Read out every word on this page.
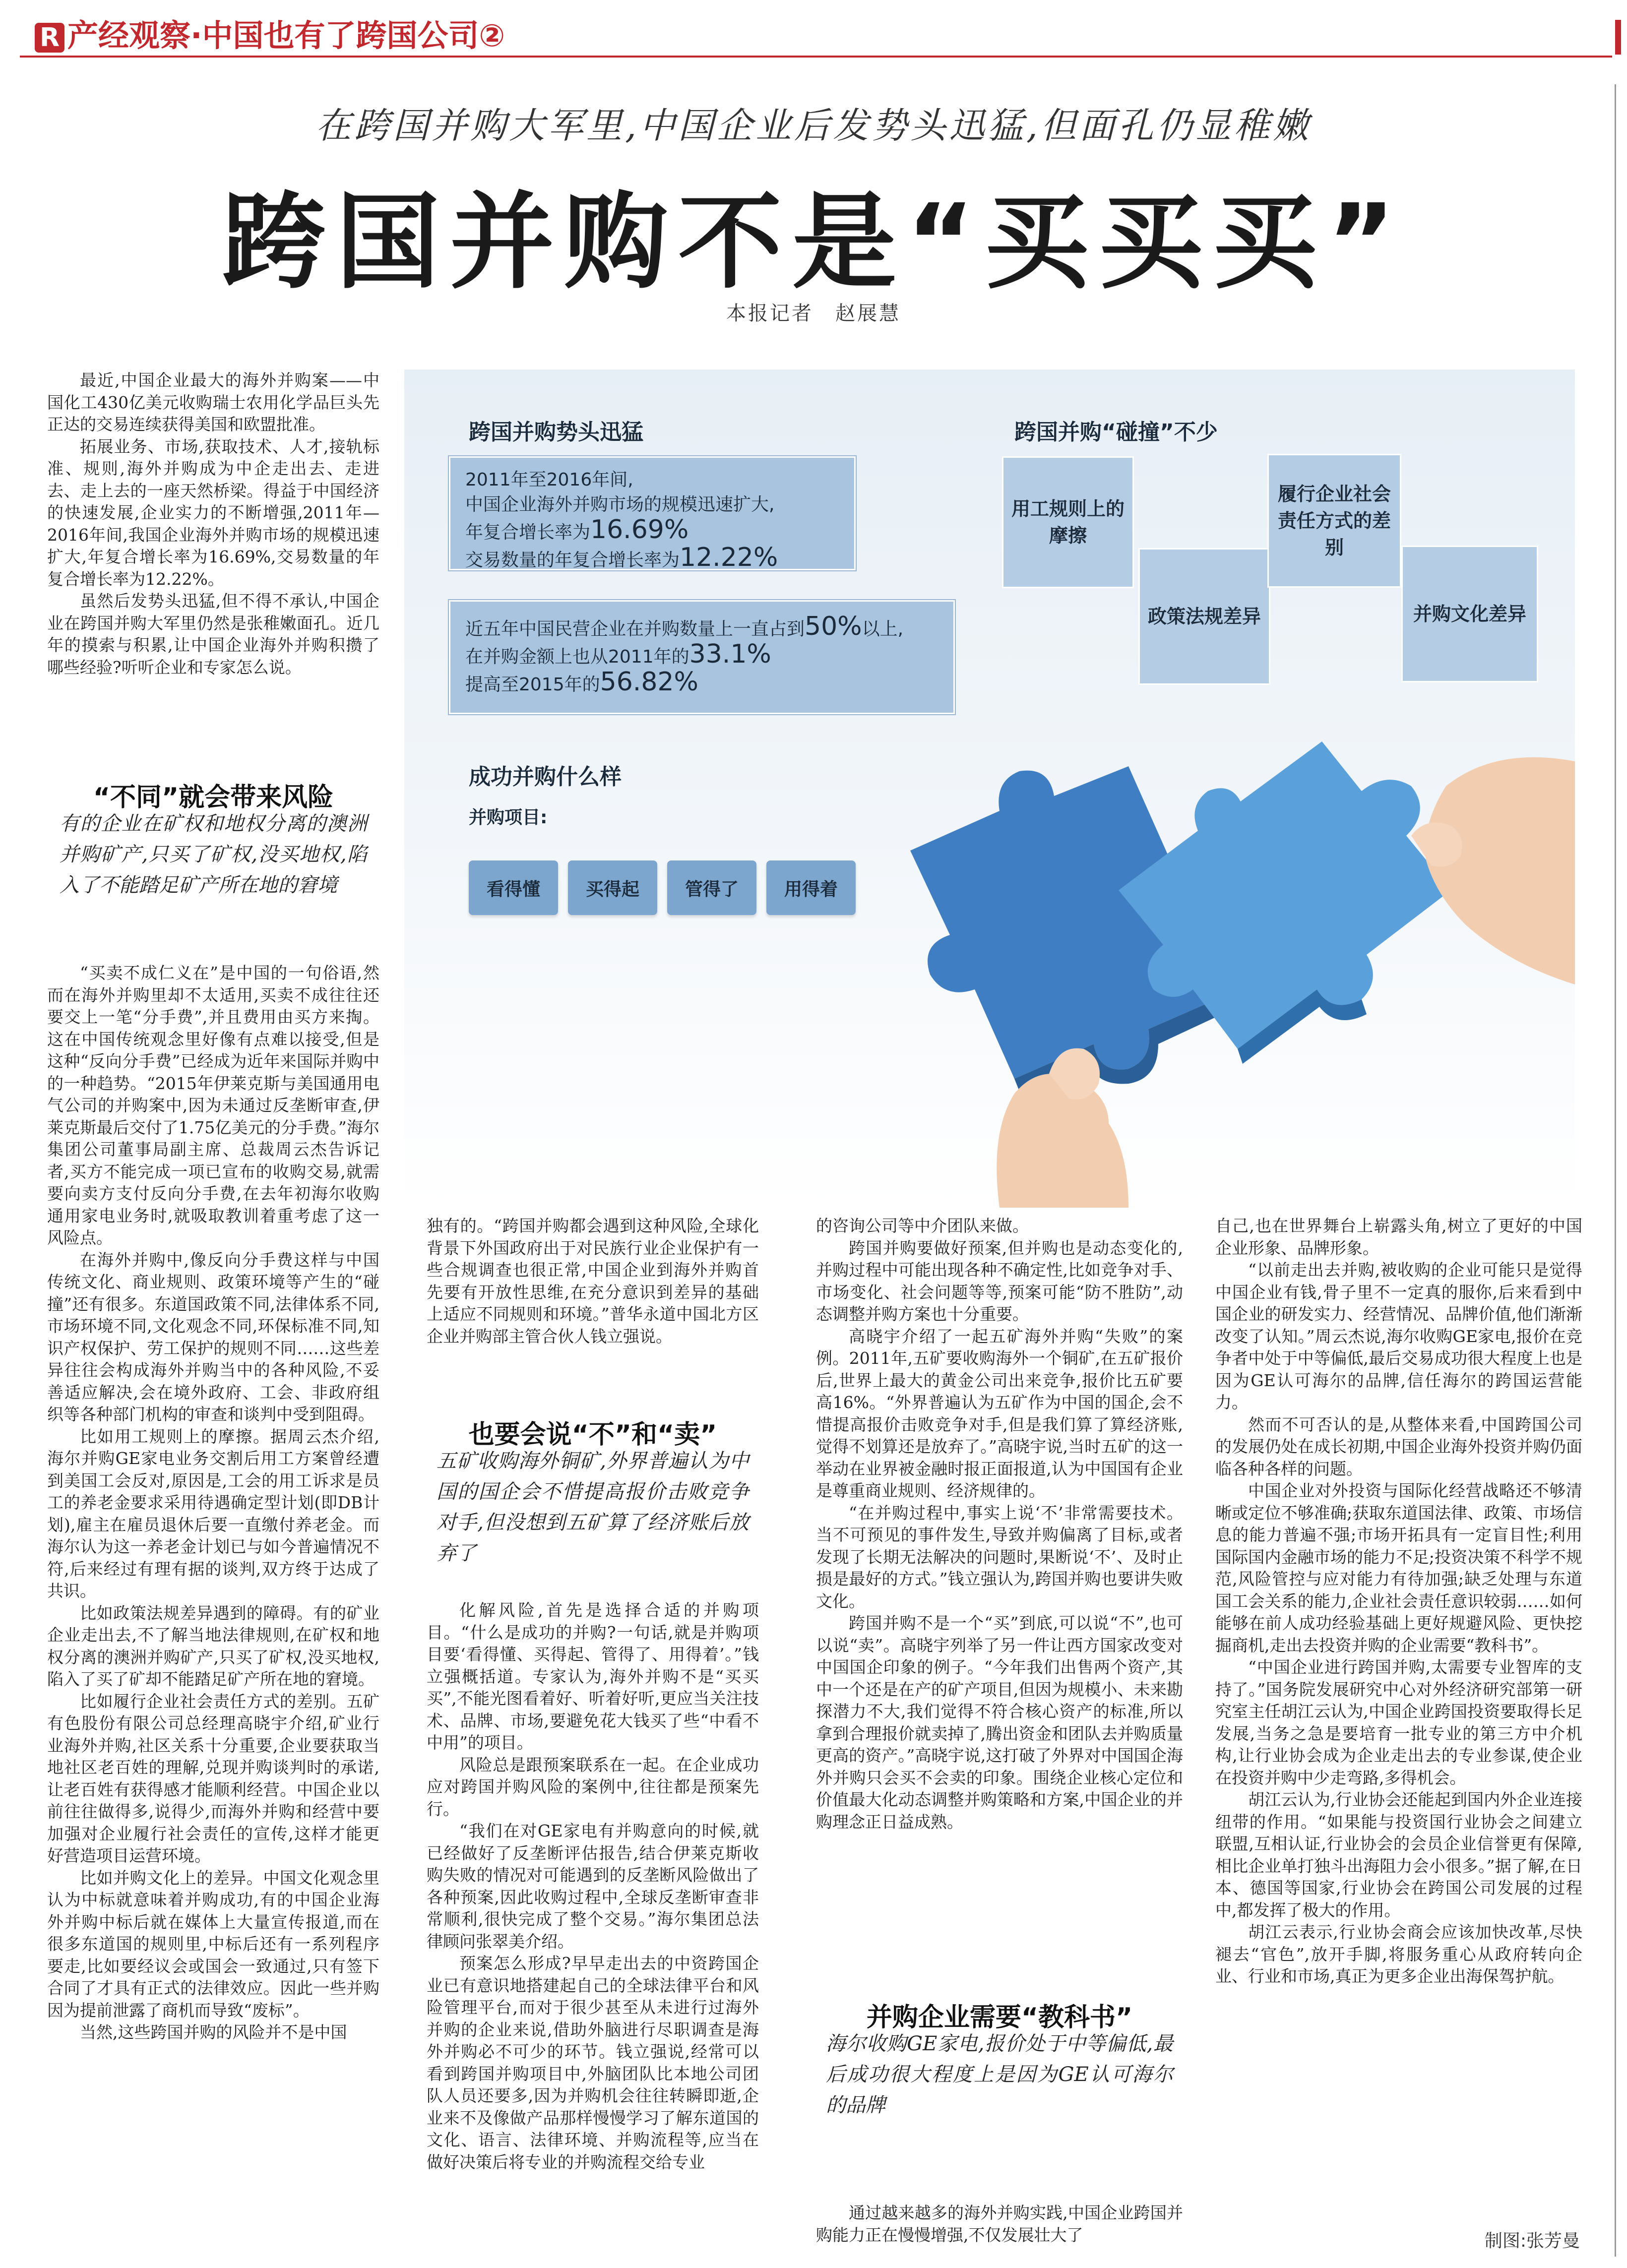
R 产经观察·中国也有了跨国公司②
在跨国并购大军里,中国企业后发势头迅猛,但面孔仍显稚嫩
跨国并购不是“买买买”
本报记者　赵展慧

最近,中国企业最大的海外并购案——中国化工430亿美元收购瑞士农用化学品巨头先正达的交易连续获得美国和欧盟批准。

拓展业务、市场,获取技术、人才,接轨标准、规则,海外并购成为中企走出去、走进去、走上去的一座天然桥梁。得益于中国经济的快速发展,企业实力的不断增强,2011年—2016年间,我国企业海外并购市场的规模迅速扩大,年复合增长率为16.69%,交易数量的年复合增长率为12.22%。

虽然后发势头迅猛,但不得不承认,中国企业在跨国并购大军里仍然是张稚嫩面孔。近几年的摸索与积累,让中国企业海外并购积攒了哪些经验?听听企业和专家怎么说。

“不同”就会带来风险
有的企业在矿权和地权分离的澳洲并购矿产,只买了矿权,没买地权,陷入了不能踏足矿产所在地的窘境

“买卖不成仁义在”是中国的一句俗语,然而在海外并购里却不太适用,买卖不成往往还要交上一笔“分手费”,并且费用由买方来掏。这在中国传统观念里好像有点难以接受,但是这种“反向分手费”已经成为近年来国际并购中的一种趋势。“2015年伊莱克斯与美国通用电气公司的并购案中,因为未通过反垄断审查,伊莱克斯最后交付了1.75亿美元的分手费。”海尔集团公司董事局副主席、总裁周云杰告诉记者,买方不能完成一项已宣布的收购交易,就需要向卖方支付反向分手费,在去年初海尔收购通用家电业务时,就吸取教训着重考虑了这一风险点。

在海外并购中,像反向分手费这样与中国传统文化、商业规则、政策环境等产生的“碰撞”还有很多。东道国政策不同,法律体系不同,市场环境不同,文化观念不同,环保标准不同,知识产权保护、劳工保护的规则不同……这些差异往往会构成海外并购当中的各种风险,不妥善适应解决,会在境外政府、工会、非政府组织等各种部门机构的审查和谈判中受到阻碍。

比如用工规则上的摩擦。据周云杰介绍,海尔并购GE家电业务交割后用工方案曾经遭到美国工会反对,原因是,工会的用工诉求是员工的养老金要求采用待遇确定型计划(即DB计划),雇主在雇员退休后要一直缴付养老金。而海尔认为这一养老金计划已与如今普遍情况不符,后来经过有理有据的谈判,双方终于达成了共识。

比如政策法规差异遇到的障碍。有的矿业企业走出去,不了解当地法律规则,在矿权和地权分离的澳洲并购矿产,只买了矿权,没买地权,陷入了买了矿却不能踏足矿产所在地的窘境。

比如履行企业社会责任方式的差别。五矿有色股份有限公司总经理高晓宇介绍,矿业行业海外并购,社区关系十分重要,企业要获取当地社区老百姓的理解,兑现并购谈判时的承诺,让老百姓有获得感才能顺利经营。中国企业以前往往做得多,说得少,而海外并购和经营中要加强对企业履行社会责任的宣传,这样才能更好营造项目运营环境。

比如并购文化上的差异。中国文化观念里认为中标就意味着并购成功,有的中国企业海外并购中标后就在媒体上大量宣传报道,而在很多东道国的规则里,中标后还有一系列程序要走,比如要经议会或国会一致通过,只有签下合同了才具有正式的法律效应。因此一些并购因为提前泄露了商机而导致“废标”。

当然,这些跨国并购的风险并不是中国

跨国并购势头迅猛
2011年至2016年间,
中国企业海外并购市场的规模迅速扩大,
年复合增长率为16.69%
交易数量的年复合增长率为12.22%
近五年中国民营企业在并购数量上一直占到50%以上,
在并购金额上也从2011年的33.1%
提高至2015年的56.82%
跨国并购“碰撞”不少
用工规则上的摩擦
政策法规差异
履行企业社会责任方式的差别
并购文化差异
成功并购什么样
并购项目:
看得懂	买得起	管得了	用得着

独有的。“跨国并购都会遇到这种风险,全球化背景下外国政府出于对民族行业企业保护有一些合规调查也很正常,中国企业到海外并购首先要有开放性思维,在充分意识到差异的基础上适应不同规则和环境。”普华永道中国北方区企业并购部主管合伙人钱立强说。

也要会说“不”和“卖”
五矿收购海外铜矿,外界普遍认为中国的国企会不惜提高报价击败竞争对手,但没想到五矿算了经济账后放弃了

化解风险,首先是选择合适的并购项目。“什么是成功的并购?一句话,就是并购项目要‘看得懂、买得起、管得了、用得着’。”钱立强概括道。专家认为,海外并购不是“买买买”,不能光图看着好、听着好听,更应当关注技术、品牌、市场,要避免花大钱买了些“中看不中用”的项目。

风险总是跟预案联系在一起。在企业成功应对跨国并购风险的案例中,往往都是预案先行。

“我们在对GE家电有并购意向的时候,就已经做好了反垄断评估报告,结合伊莱克斯收购失败的情况对可能遇到的反垄断风险做出了各种预案,因此收购过程中,全球反垄断审查非常顺利,很快完成了整个交易。”海尔集团总法律顾问张翠美介绍。

预案怎么形成?早早走出去的中资跨国企业已有意识地搭建起自己的全球法律平台和风险管理平台,而对于很少甚至从未进行过海外并购的企业来说,借助外脑进行尽职调查是海外并购必不可少的环节。钱立强说,经常可以看到跨国并购项目中,外脑团队比本地公司团队人员还要多,因为并购机会往往转瞬即逝,企业来不及像做产品那样慢慢学习了解东道国的文化、语言、法律环境、并购流程等,应当在做好决策后将专业的并购流程交给专业

的咨询公司等中介团队来做。

跨国并购要做好预案,但并购也是动态变化的,并购过程中可能出现各种不确定性,比如竞争对手、市场变化、社会问题等等,预案可能“防不胜防”,动态调整并购方案也十分重要。

高晓宇介绍了一起五矿海外并购“失败”的案例。2011年,五矿要收购海外一个铜矿,在五矿报价后,世界上最大的黄金公司出来竞争,报价比五矿要高16%。“外界普遍认为五矿作为中国的国企,会不惜提高报价击败竞争对手,但是我们算了算经济账,觉得不划算还是放弃了。”高晓宇说,当时五矿的这一举动在业界被金融时报正面报道,认为中国国有企业是尊重商业规则、经济规律的。

“在并购过程中,事实上说‘不’非常需要技术。当不可预见的事件发生,导致并购偏离了目标,或者发现了长期无法解决的问题时,果断说‘不’、及时止损是最好的方式。”钱立强认为,跨国并购也要讲失败文化。

跨国并购不是一个“买”到底,可以说“不”,也可以说“卖”。高晓宇列举了另一件让西方国家改变对中国国企印象的例子。“今年我们出售两个资产,其中一个还是在产的矿产项目,但因为规模小、未来勘探潜力不大,我们觉得不符合核心资产的标准,所以拿到合理报价就卖掉了,腾出资金和团队去并购质量更高的资产。”高晓宇说,这打破了外界对中国国企海外并购只会买不会卖的印象。围绕企业核心定位和价值最大化动态调整并购策略和方案,中国企业的并购理念正日益成熟。

并购企业需要“教科书”
海尔收购GE家电,报价处于中等偏低,最后成功很大程度上是因为GE认可海尔的品牌

通过越来越多的海外并购实践,中国企业跨国并购能力正在慢慢增强,不仅发展壮大了

自己,也在世界舞台上崭露头角,树立了更好的中国企业形象、品牌形象。

“以前走出去并购,被收购的企业可能只是觉得中国企业有钱,骨子里不一定真的服你,后来看到中国企业的研发实力、经营情况、品牌价值,他们渐渐改变了认知。”周云杰说,海尔收购GE家电,报价在竞争者中处于中等偏低,最后交易成功很大程度上也是因为GE认可海尔的品牌,信任海尔的跨国运营能力。

然而不可否认的是,从整体来看,中国跨国公司的发展仍处在成长初期,中国企业海外投资并购仍面临各种各样的问题。

中国企业对外投资与国际化经营战略还不够清晰或定位不够准确;获取东道国法律、政策、市场信息的能力普遍不强;市场开拓具有一定盲目性;利用国际国内金融市场的能力不足;投资决策不科学不规范,风险管控与应对能力有待加强;缺乏处理与东道国工会关系的能力,企业社会责任意识较弱……如何能够在前人成功经验基础上更好规避风险、更快挖掘商机,走出去投资并购的企业需要“教科书”。

“中国企业进行跨国并购,太需要专业智库的支持了。”国务院发展研究中心对外经济研究部第一研究室主任胡江云认为,中国企业跨国投资要取得长足发展,当务之急是要培育一批专业的第三方中介机构,让行业协会成为企业走出去的专业参谋,使企业在投资并购中少走弯路,多得机会。

胡江云认为,行业协会还能起到国内外企业连接纽带的作用。“如果能与投资国行业协会之间建立联盟,互相认证,行业协会的会员企业信誉更有保障,相比企业单打独斗出海阻力会小很多。”据了解,在日本、德国等国家,行业协会在跨国公司发展的过程中,都发挥了极大的作用。

胡江云表示,行业协会商会应该加快改革,尽快褪去“官色”,放开手脚,将服务重心从政府转向企业、行业和市场,真正为更多企业出海保驾护航。

制图:张芳曼
